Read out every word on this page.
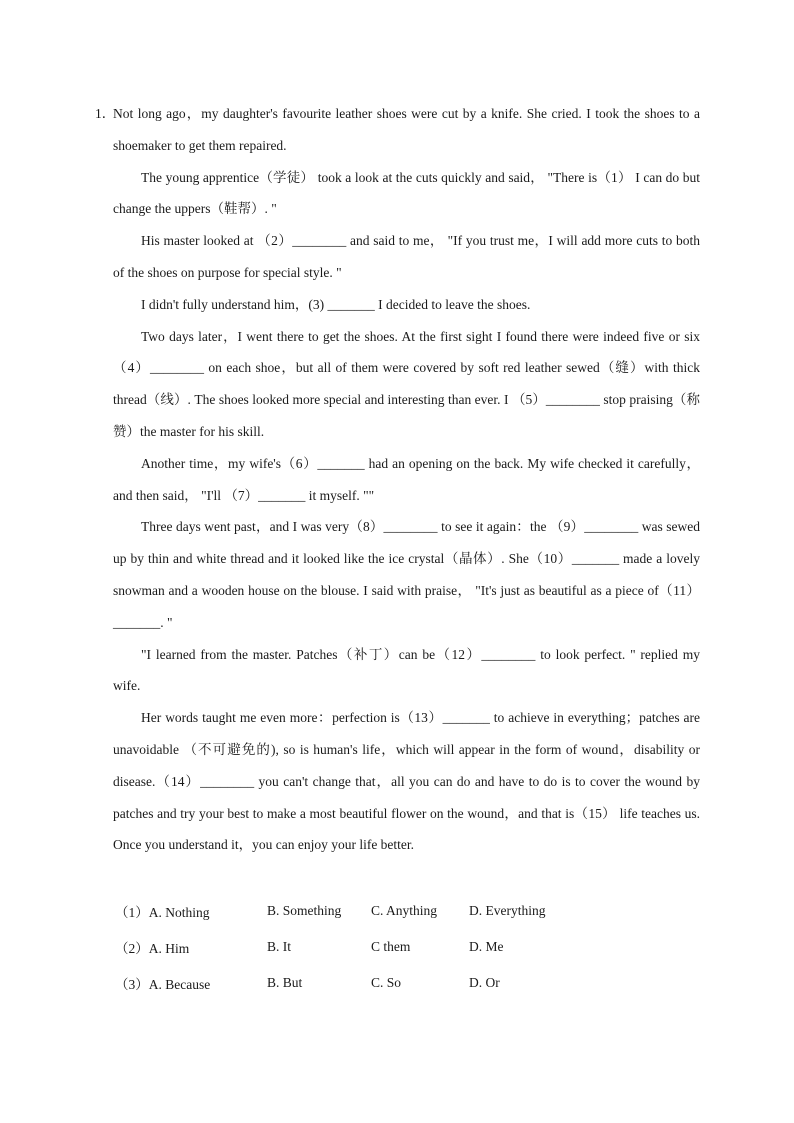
1．Not long ago，my daughter's favourite leather shoes were cut by a knife. She cried. I took the shoes to a shoemaker to get them repaired.

The young apprentice（学徒） took a look at the cuts quickly and said， "There is（1） I can do but change the uppers（鞋帮）. "

His master looked at （2）________ and said to me， "If you trust me，I will add more cuts to both of the shoes on purpose for special style. "

I didn't fully understand him，(3) _______ I decided to leave the shoes.

Two days later，I went there to get the shoes. At the first sight I found there were indeed five or six （4）________ on each shoe，but all of them were covered by soft red leather sewed（缝）with thick thread（线）. The shoes looked more special and interesting than ever. I （5）________ stop praising（称赞）the master for his skill.

Another time，my wife's（6）_______ had an opening on the back. My wife checked it carefully，and then said， "I'll （7）_______ it myself. ""

Three days went past，and I was very（8）________ to see it again：the （9）________ was sewed up by thin and white thread and it looked like the ice crystal（晶体）. She（10）_______ made a lovely snowman and a wooden house on the blouse. I said with praise， "It's just as beautiful as a piece of（11）_______. "

"I learned from the master. Patches（补丁）can be（12）________ to look perfect. " replied my wife.

Her words taught me even more：perfection is（13）_______ to achieve in everything；patches are unavoidable （不可避免的), so is human's life，which will appear in the form of wound，disability or disease.（14）________ you can't change that，all you can do and have to do is to cover the wound by patches and try your best to make a most beautiful flower on the wound，and that is（15） life teaches us. Once you understand it，you can enjoy your life better.

（1）A. Nothing	B. Something	C. Anything	D. Everything
（2）A. Him	B. It	C them	D. Me
（3）A. Because	B. But	C. So	D. Or
